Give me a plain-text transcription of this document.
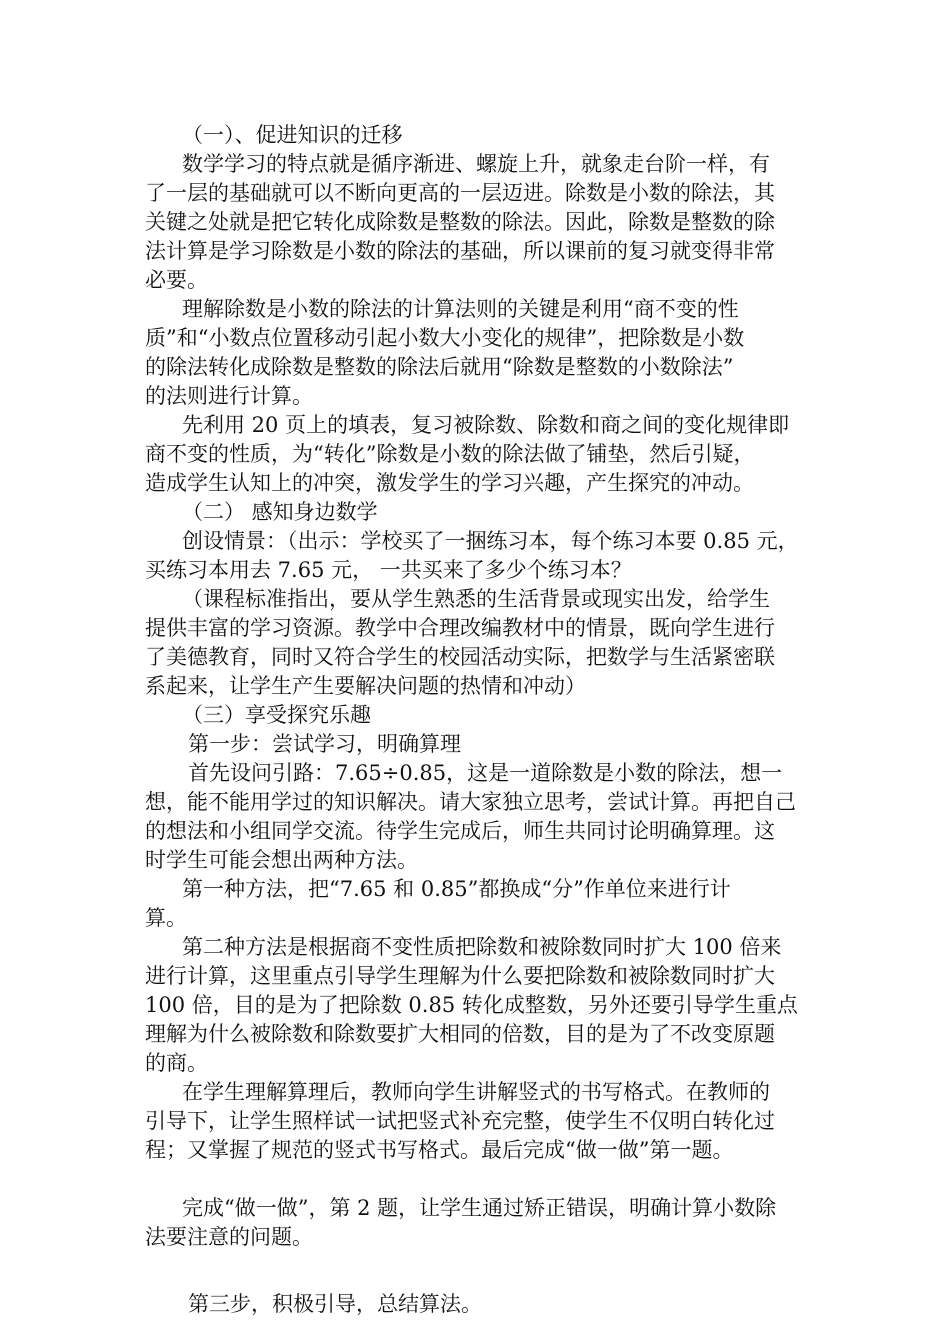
（一）、促进知识的迁移
数学学习的特点就是循序渐进、螺旋上升，就象走台阶一样，有
了一层的基础就可以不断向更高的一层迈进。除数是小数的除法，其
关键之处就是把它转化成除数是整数的除法。因此，除数是整数的除
法计算是学习除数是小数的除法的基础，所以课前的复习就变得非常
必要。
理解除数是小数的除法的计算法则的关键是利用“商不变的性
质”和“小数点位置移动引起小数大小变化的规律”，把除数是小数
的除法转化成除数是整数的除法后就用“除数是整数的小数除法”
的法则进行计算。
先利用 20 页上的填表，复习被除数、除数和商之间的变化规律即
商不变的性质，为“转化”除数是小数的除法做了铺垫，然后引疑，
造成学生认知上的冲突，激发学生的学习兴趣，产生探究的冲动。
（二） 感知身边数学
创设情景：（出示：学校买了一捆练习本，每个练习本要 0.85 元，
买练习本用去 7.65 元， 一共买来了多少个练习本？
（课程标准指出，要从学生熟悉的生活背景或现实出发，给学生
提供丰富的学习资源。教学中合理改编教材中的情景，既向学生进行
了美德教育，同时又符合学生的校园活动实际，把数学与生活紧密联
系起来，让学生产生要解决问题的热情和冲动）
（三）享受探究乐趣
第一步：尝试学习，明确算理
首先设问引路：7.65÷0.85，这是一道除数是小数的除法，想一
想，能不能用学过的知识解决。请大家独立思考，尝试计算。再把自己
的想法和小组同学交流。待学生完成后，师生共同讨论明确算理。这
时学生可能会想出两种方法。
第一种方法，把“7.65 和 0.85”都换成“分”作单位来进行计
算。
第二种方法是根据商不变性质把除数和被除数同时扩大 100 倍来
进行计算，这里重点引导学生理解为什么要把除数和被除数同时扩大
100 倍，目的是为了把除数 0.85 转化成整数，另外还要引导学生重点
理解为什么被除数和除数要扩大相同的倍数，目的是为了不改变原题
的商。
在学生理解算理后，教师向学生讲解竖式的书写格式。在教师的
引导下，让学生照样试一试把竖式补充完整，使学生不仅明白转化过
程；又掌握了规范的竖式书写格式。最后完成“做一做”第一题。
完成“做一做”，第 2 题，让学生通过矫正错误，明确计算小数除
法要注意的问题。
第三步，积极引导，总结算法。
